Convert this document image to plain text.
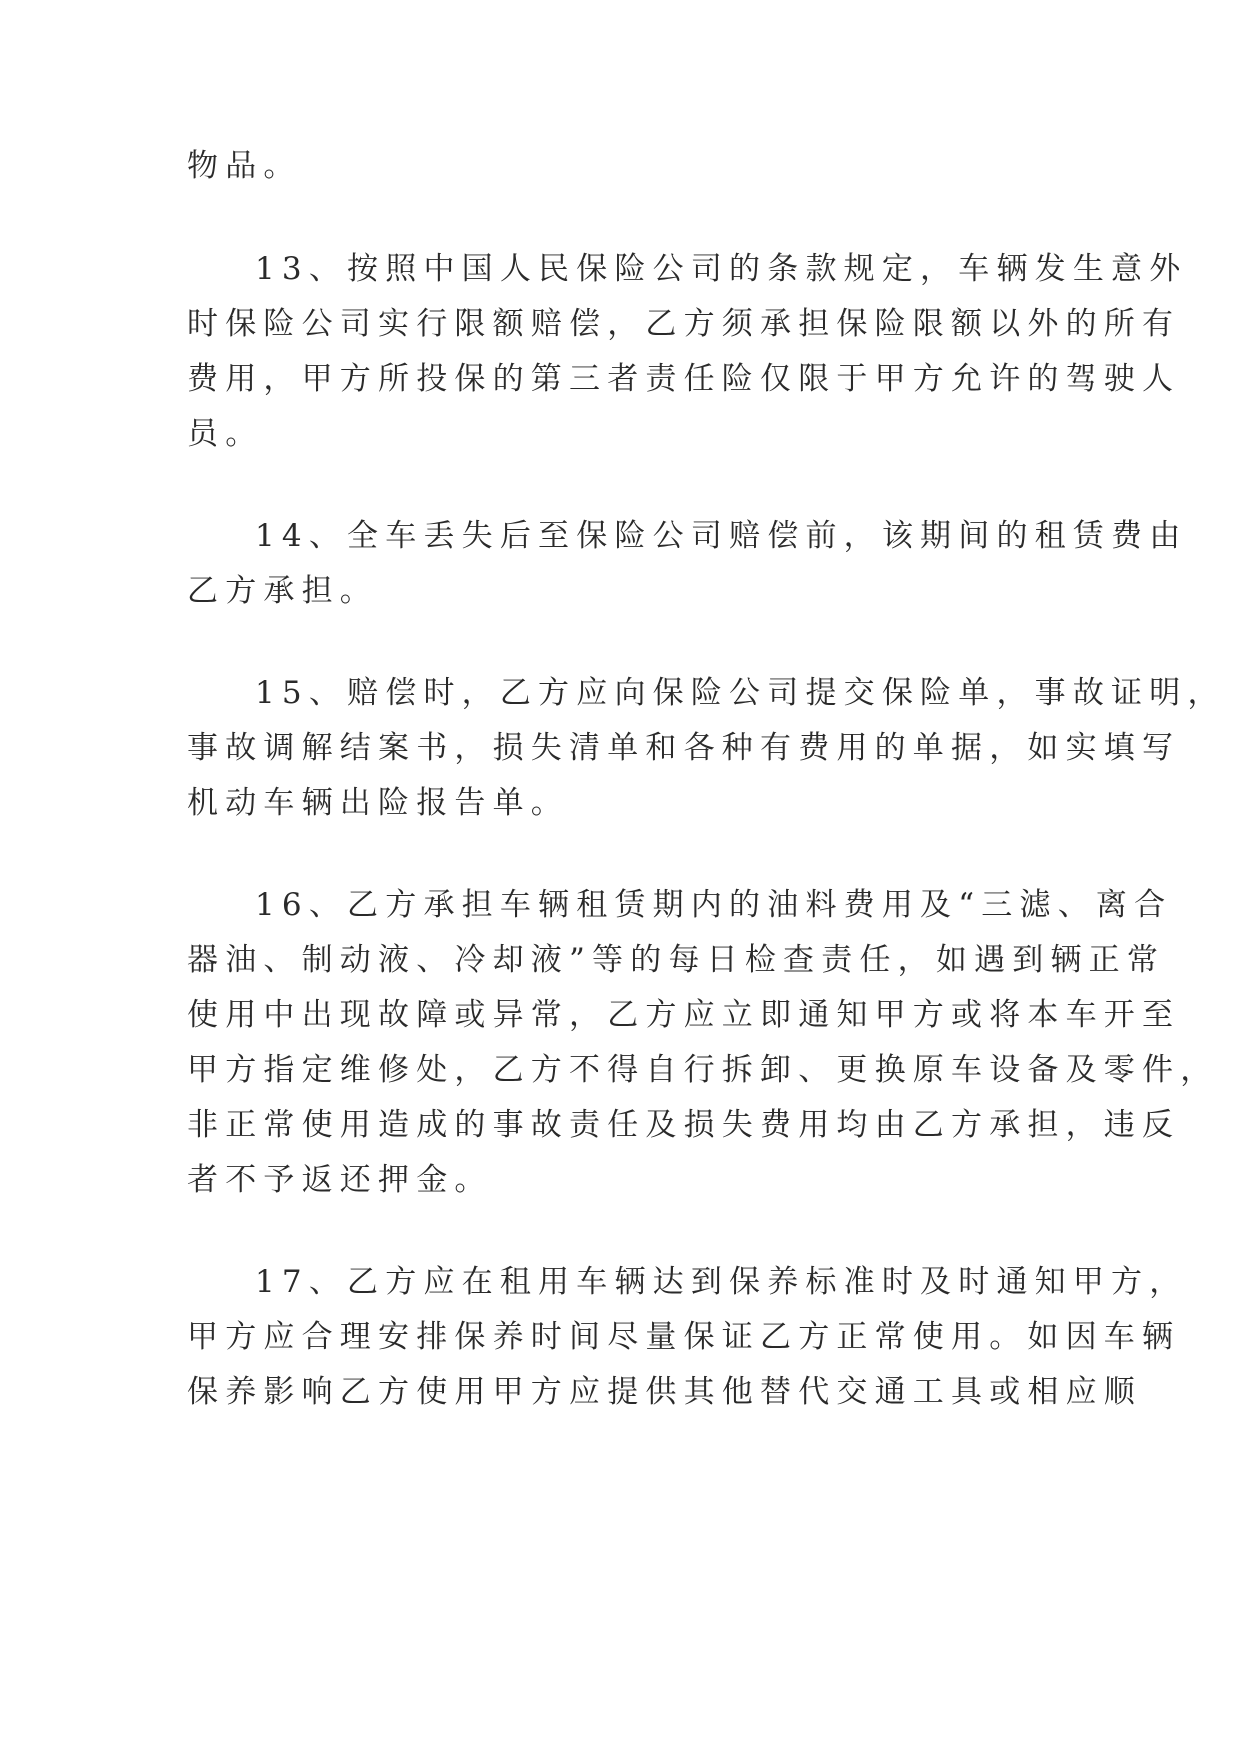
物品。

13、按照中国人民保险公司的条款规定，车辆发生意外

时保险公司实行限额赔偿，乙方须承担保险限额以外的所有

费用，甲方所投保的第三者责任险仅限于甲方允许的驾驶人

员。

14、全车丢失后至保险公司赔偿前，该期间的租赁费由

乙方承担。

15、赔偿时，乙方应向保险公司提交保险单，事故证明，

事故调解结案书，损失清单和各种有费用的单据，如实填写

机动车辆出险报告单。

16、乙方承担车辆租赁期内的油料费用及“三滤、离合

器油、制动液、冷却液”等的每日检查责任，如遇到辆正常

使用中出现故障或异常，乙方应立即通知甲方或将本车开至

甲方指定维修处，乙方不得自行拆卸、更换原车设备及零件，

非正常使用造成的事故责任及损失费用均由乙方承担，违反

者不予返还押金。

17、乙方应在租用车辆达到保养标准时及时通知甲方，

甲方应合理安排保养时间尽量保证乙方正常使用。如因车辆

保养影响乙方使用甲方应提供其他替代交通工具或相应顺
